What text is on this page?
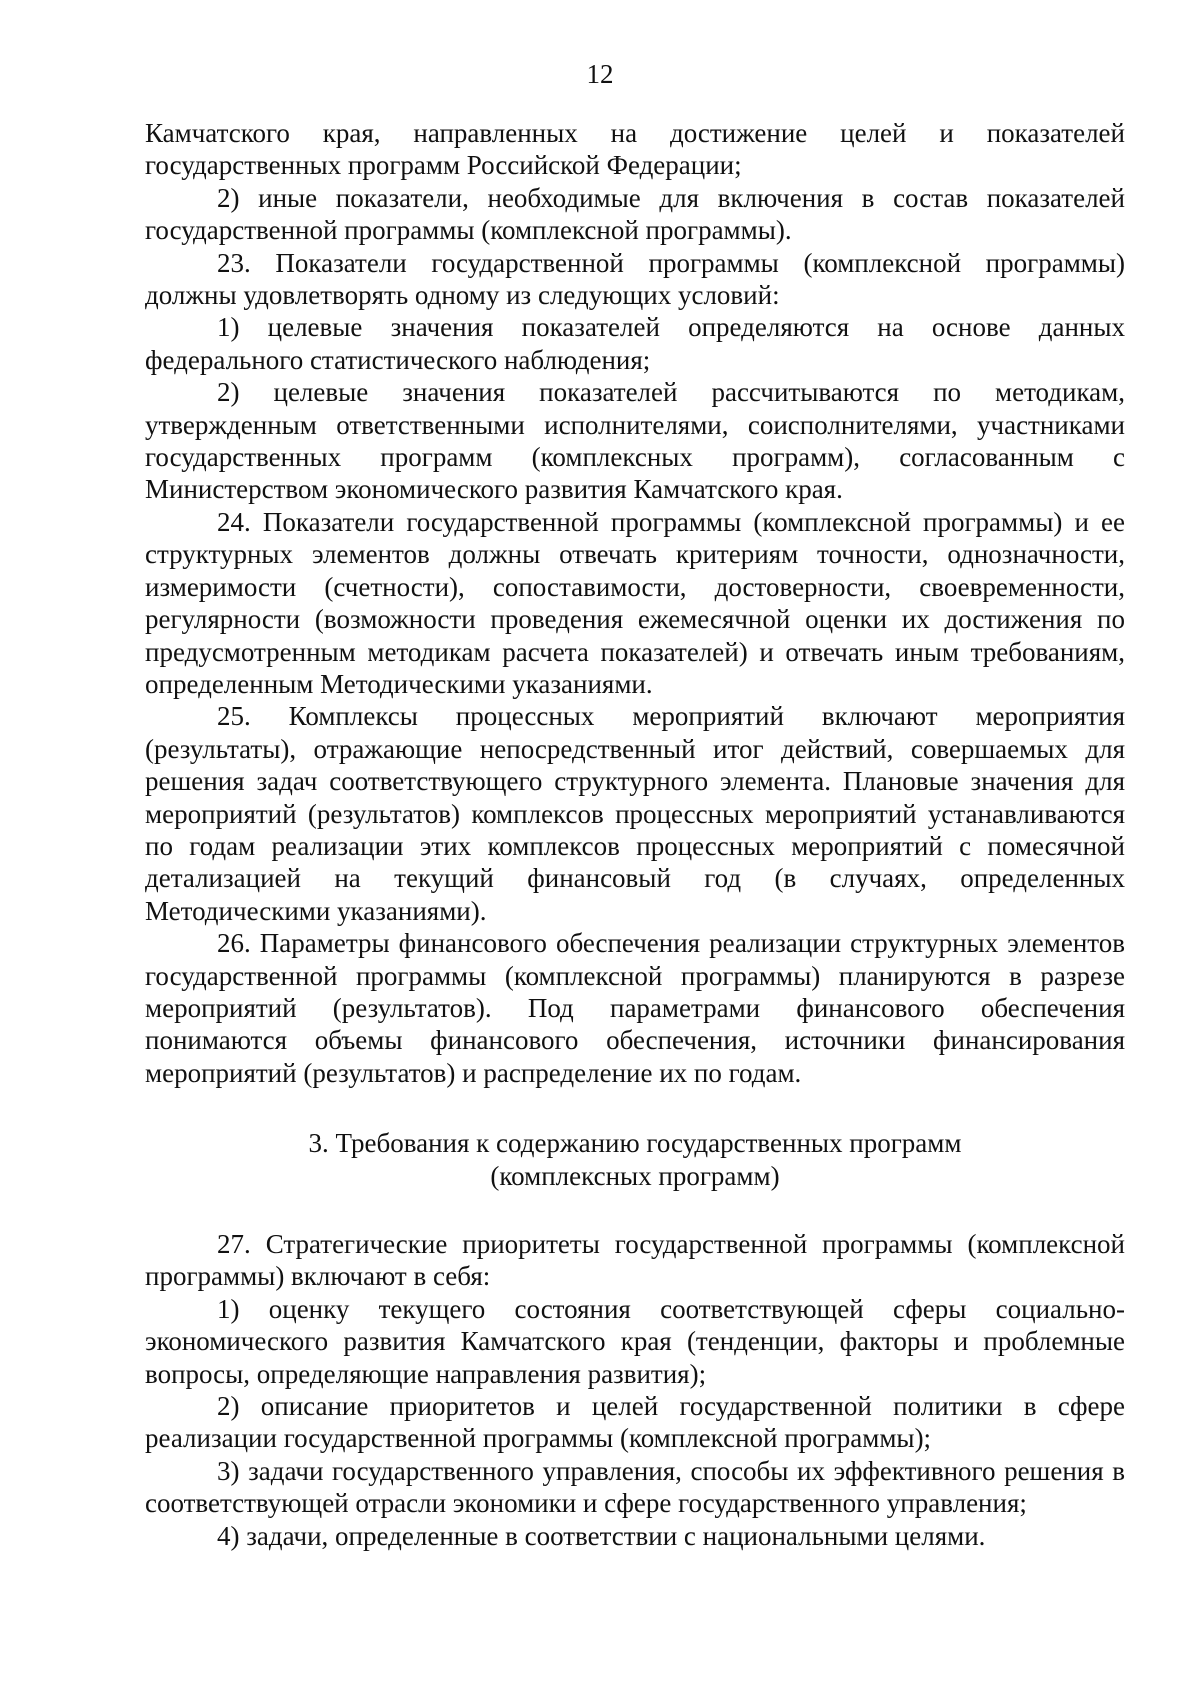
12

Камчатского края, направленных на достижение целей и показателей государственных программ Российской Федерации;

2) иные показатели, необходимые для включения в состав показателей государственной программы (комплексной программы).

23. Показатели государственной программы (комплексной программы) должны удовлетворять одному из следующих условий:

1) целевые значения показателей определяются на основе данных федерального статистического наблюдения;

2) целевые значения показателей рассчитываются по методикам, утвержденным ответственными исполнителями, соисполнителями, участниками государственных программ (комплексных программ), согласованным с Министерством экономического развития Камчатского края.

24. Показатели государственной программы (комплексной программы) и ее структурных элементов должны отвечать критериям точности, однозначности, измеримости (счетности), сопоставимости, достоверности, своевременности, регулярности (возможности проведения ежемесячной оценки их достижения по предусмотренным методикам расчета показателей) и отвечать иным требованиям, определенным Методическими указаниями.

25. Комплексы процессных мероприятий включают мероприятия (результаты), отражающие непосредственный итог действий, совершаемых для решения задач соответствующего структурного элемента. Плановые значения для мероприятий (результатов) комплексов процессных мероприятий устанавливаются по годам реализации этих комплексов процессных мероприятий с помесячной детализацией на текущий финансовый год (в случаях, определенных Методическими указаниями).

26. Параметры финансового обеспечения реализации структурных элементов государственной программы (комплексной программы) планируются в разрезе мероприятий (результатов). Под параметрами финансового обеспечения понимаются объемы финансового обеспечения, источники финансирования мероприятий (результатов) и распределение их по годам.

3. Требования к содержанию государственных программ
(комплексных программ)

27. Стратегические приоритеты государственной программы (комплексной программы) включают в себя:

1) оценку текущего состояния соответствующей сферы социально-экономического развития Камчатского края (тенденции, факторы и проблемные вопросы, определяющие направления развития);

2) описание приоритетов и целей государственной политики в сфере реализации государственной программы (комплексной программы);

3) задачи государственного управления, способы их эффективного решения в соответствующей отрасли экономики и сфере государственного управления;

4) задачи, определенные в соответствии с национальными целями.
